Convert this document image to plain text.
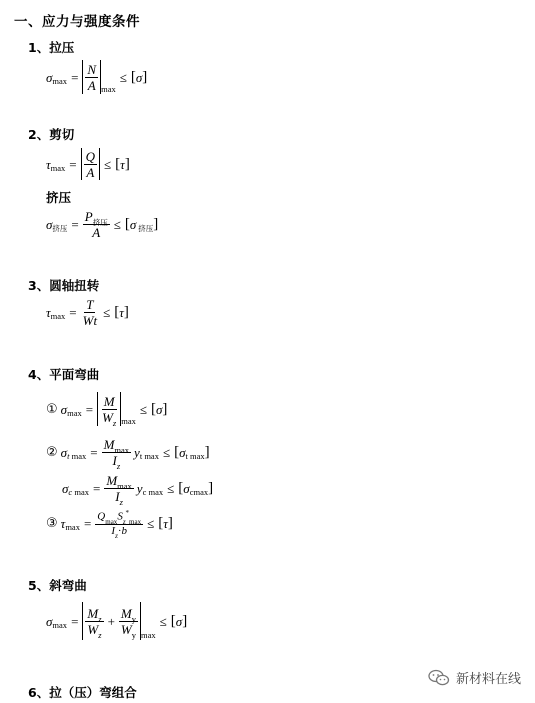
一、应力与强度条件
1、拉压
σ $\max = \frac{N}{A}$ max
≤ [ σ ]
2、剪切
τ $\max = \frac{Q}{A}$ ≤ [ τ ]
挤压
σ 挤压 = $\frac{P_{挤压}}{A}$ ≤ [ σ 挤压 ]
3、圆轴扭转
τ $\max = \frac{T}{Wt}$ ≤ [ τ ]
4、平面弯曲
① σ $\max = \frac{M}{W_z}$ max
≤ [ σ ]
② σ t $\max = \frac{M_{max}}{I_z}$ y t max ≤ [ σ t max ]
σ c $\max = \frac{M_{max}}{I_z}$ y c max ≤ [ σ cmax ]
③ τ $\max = \frac{Q_{max}S_z^*_{max}}{I_z\cdot b}$ ≤ [ τ ]
5、斜弯曲
σ $\max = \frac{M_z}{W_z} + \frac{M_y}{W_y}$ max
≤ [ σ ]
6、拉（压）弯组合
新材料在线
